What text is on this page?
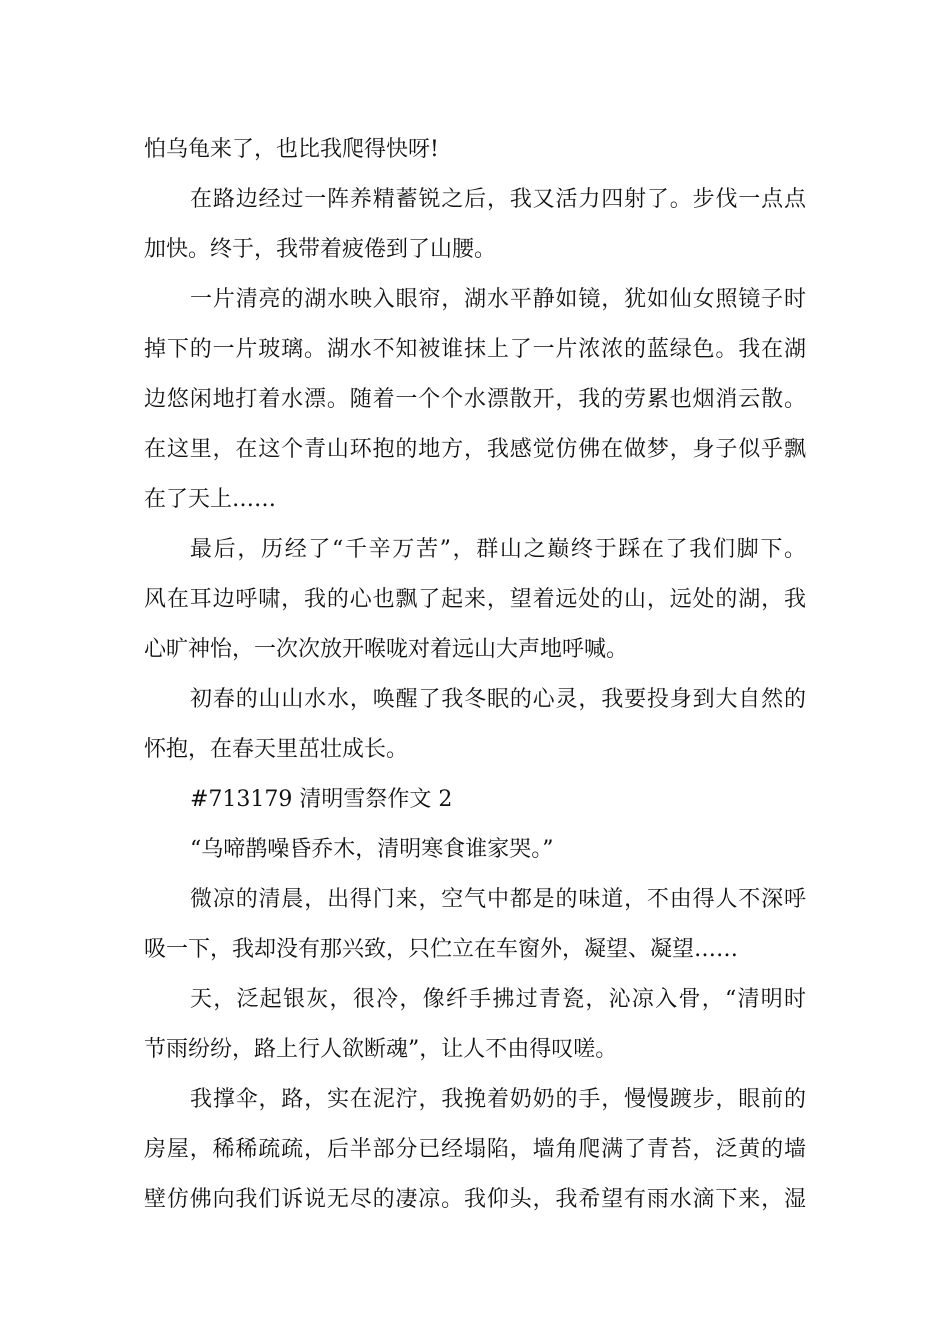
怕乌龟来了，也比我爬得快呀!
在路边经过一阵养精蓄锐之后，我又活力四射了。步伐一点点
加快。终于，我带着疲倦到了山腰。
一片清亮的湖水映入眼帘，湖水平静如镜，犹如仙女照镜子时
掉下的一片玻璃。湖水不知被谁抹上了一片浓浓的蓝绿色。我在湖
边悠闲地打着水漂。随着一个个水漂散开，我的劳累也烟消云散。
在这里，在这个青山环抱的地方，我感觉仿佛在做梦，身子似乎飘
在了天上……
最后，历经了“千辛万苦”，群山之巅终于踩在了我们脚下。
风在耳边呼啸，我的心也飘了起来，望着远处的山，远处的湖，我
心旷神怡，一次次放开喉咙对着远山大声地呼喊。
初春的山山水水，唤醒了我冬眠的心灵，我要投身到大自然的
怀抱，在春天里茁壮成长。
#713179 清明雪祭作文 2
“乌啼鹊噪昏乔木，清明寒食谁家哭。”
微凉的清晨，出得门来，空气中都是的味道，不由得人不深呼
吸一下，我却没有那兴致，只伫立在车窗外，凝望、凝望……
天，泛起银灰，很冷，像纤手拂过青瓷，沁凉入骨，“清明时
节雨纷纷，路上行人欲断魂”，让人不由得叹嗟。
我撑伞，路，实在泥泞，我挽着奶奶的手，慢慢踱步，眼前的
房屋，稀稀疏疏，后半部分已经塌陷，墙角爬满了青苔，泛黄的墙
壁仿佛向我们诉说无尽的凄凉。我仰头，我希望有雨水滴下来，湿
